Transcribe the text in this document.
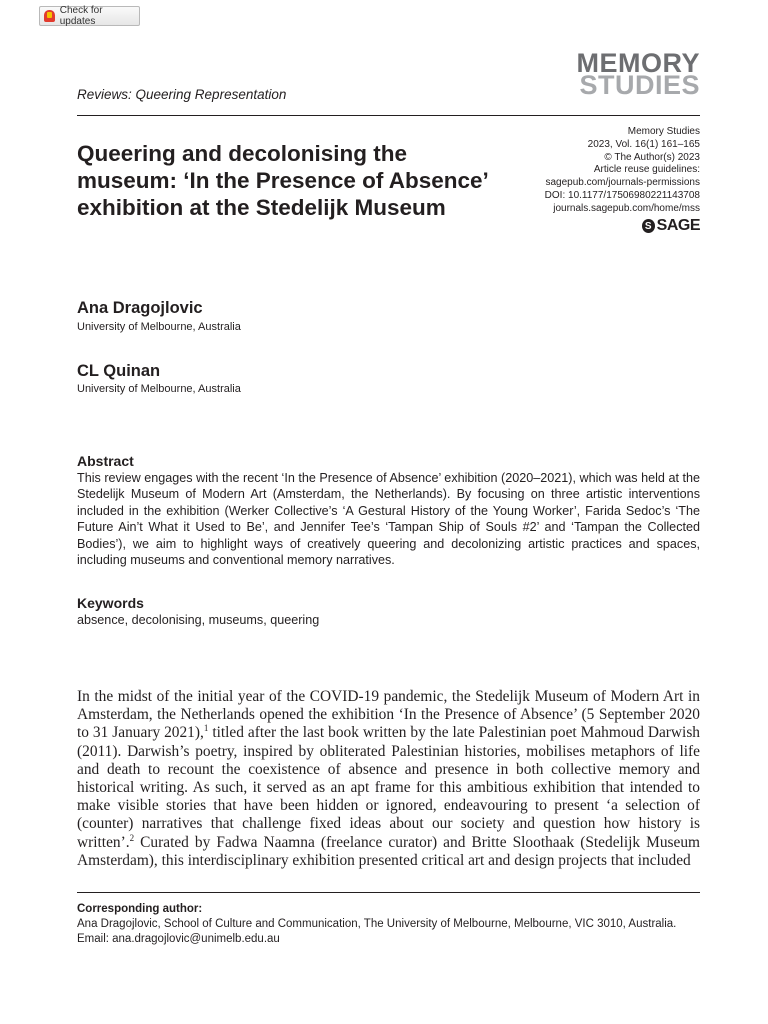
Check for updates
Reviews: Queering Representation
MEMORY
STUDIES
Queering and decolonising the museum: ‘In the Presence of Absence’ exhibition at the Stedelijk Museum
Memory Studies
2023, Vol. 16(1) 161–165
© The Author(s) 2023
Article reuse guidelines:
sagepub.com/journals-permissions
DOI: 10.1177/17506980221143708
journals.sagepub.com/home/mss
S SAGE
Ana Dragojlovic
University of Melbourne, Australia
CL Quinan
University of Melbourne, Australia
Abstract

This review engages with the recent ‘In the Presence of Absence’ exhibition (2020–2021), which was held at the Stedelijk Museum of Modern Art (Amsterdam, the Netherlands). By focusing on three artistic interventions included in the exhibition (Werker Collective’s ‘A Gestural History of the Young Worker’, Farida Sedoc’s ‘The Future Ain’t What it Used to Be’, and Jennifer Tee’s ‘Tampan Ship of Souls #2’ and ‘Tampan the Collected Bodies’), we aim to highlight ways of creatively queering and decolonizing artistic practices and spaces, including museums and conventional memory narratives.

Keywords
absence, decolonising, museums, queering

In the midst of the initial year of the COVID-19 pandemic, the Stedelijk Museum of Modern Art in Amsterdam, the Netherlands opened the exhibition ‘In the Presence of Absence’ (5 September 2020 to 31 January 2021),$^1$ titled after the last book written by the late Palestinian poet Mahmoud Darwish (2011). Darwish’s poetry, inspired by obliterated Palestinian histories, mobilises metaphors of life and death to recount the coexistence of absence and presence in both collective memory and historical writing. As such, it served as an apt frame for this ambitious exhibition that intended to make visible stories that have been hidden or ignored, endeavouring to present ‘a selection of (counter) narratives that challenge fixed ideas about our society and question how history is written’.$^2$ Curated by Fadwa Naamna (freelance curator) and Britte Sloothaak (Stedelijk Museum Amsterdam), this interdisciplinary exhibition presented critical art and design projects that included

Corresponding author:
Ana Dragojlovic, School of Culture and Communication, The University of Melbourne, Melbourne, VIC 3010, Australia.
Email: ana.dragojlovic@unimelb.edu.au
